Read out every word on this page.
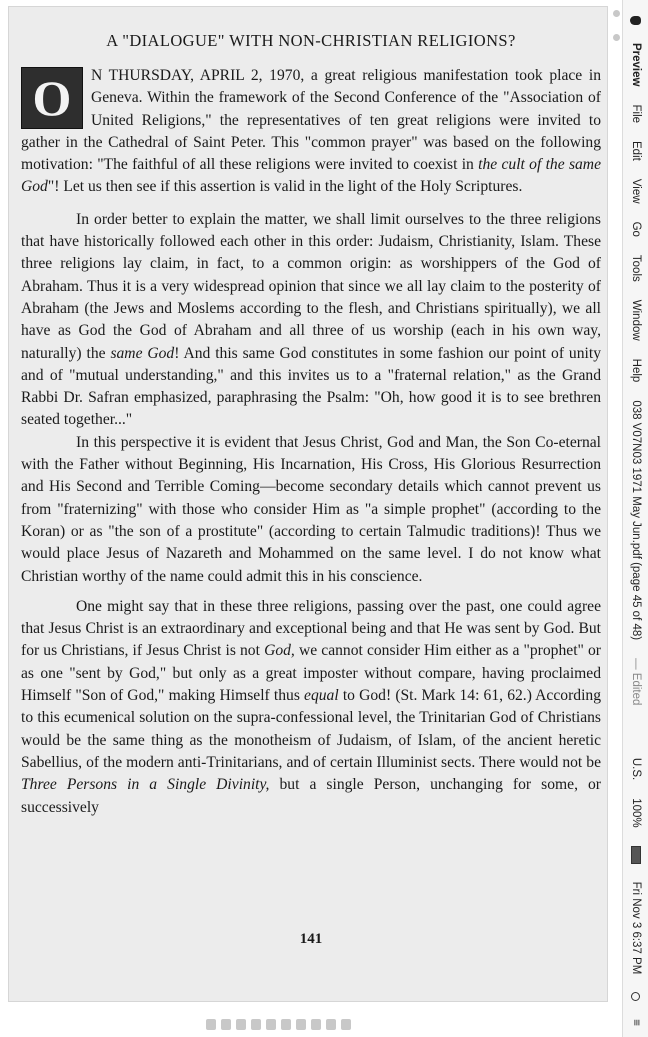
A "DIALOGUE" WITH NON-CHRISTIAN RELIGIONS?

O N THURSDAY, APRIL 2, 1970, a great religious manifestation took place in Geneva. Within the framework of the Second Conference of the "Association of United Religions," the representatives of ten great religions were invited to gather in the Cathedral of Saint Peter. This "common prayer" was based on the following motivation: "The faithful of all these religions were invited to coexist in the cult of the same God"! Let us then see if this assertion is valid in the light of the Holy Scriptures.

In order better to explain the matter, we shall limit ourselves to the three religions that have historically followed each other in this order: Judaism, Christianity, Islam. These three religions lay claim, in fact, to a common origin: as worshippers of the God of Abraham. Thus it is a very widespread opinion that since we all lay claim to the posterity of Abraham (the Jews and Moslems according to the flesh, and Christians spiritually), we all have as God the God of Abraham and all three of us worship (each in his own way, naturally) the same God! And this same God constitutes in some fashion our point of unity and of "mutual understanding," and this invites us to a "fraternal relation," as the Grand Rabbi Dr. Safran emphasized, paraphrasing the Psalm: "Oh, how good it is to see brethren seated together..."

In this perspective it is evident that Jesus Christ, God and Man, the Son Co-eternal with the Father without Beginning, His Incarnation, His Cross, His Glorious Resurrection and His Second and Terrible Coming—become secondary details which cannot prevent us from "fraternizing" with those who consider Him as "a simple prophet" (according to the Koran) or as "the son of a prostitute" (according to certain Talmudic traditions)! Thus we would place Jesus of Nazareth and Mohammed on the same level. I do not know what Christian worthy of the name could admit this in his conscience.

One might say that in these three religions, passing over the past, one could agree that Jesus Christ is an extraordinary and exceptional being and that He was sent by God. But for us Christians, if Jesus Christ is not God, we cannot consider Him either as a "prophet" or as one "sent by God," but only as a great imposter without compare, having proclaimed Himself "Son of God," making Himself thus equal to God! (St. Mark 14: 61, 62.) According to this ecumenical solution on the supra-confessional level, the Trinitarian God of Christians would be the same thing as the monotheism of Judaism, of Islam, of the ancient heretic Sabellius, of the modern anti-Trinitarians, and of certain Illuminist sects. There would not be Three Persons in a Single Divinity, but a single Person, unchanging for some, or successively

141
Preview
File
Edit
View
Go
Tools
Window
Help
038 V07N03 1971 May Jun.pdf (page 45 of 48)
— Edited
U.S.
100%
Fri Nov 3 6:37 PM
≡
